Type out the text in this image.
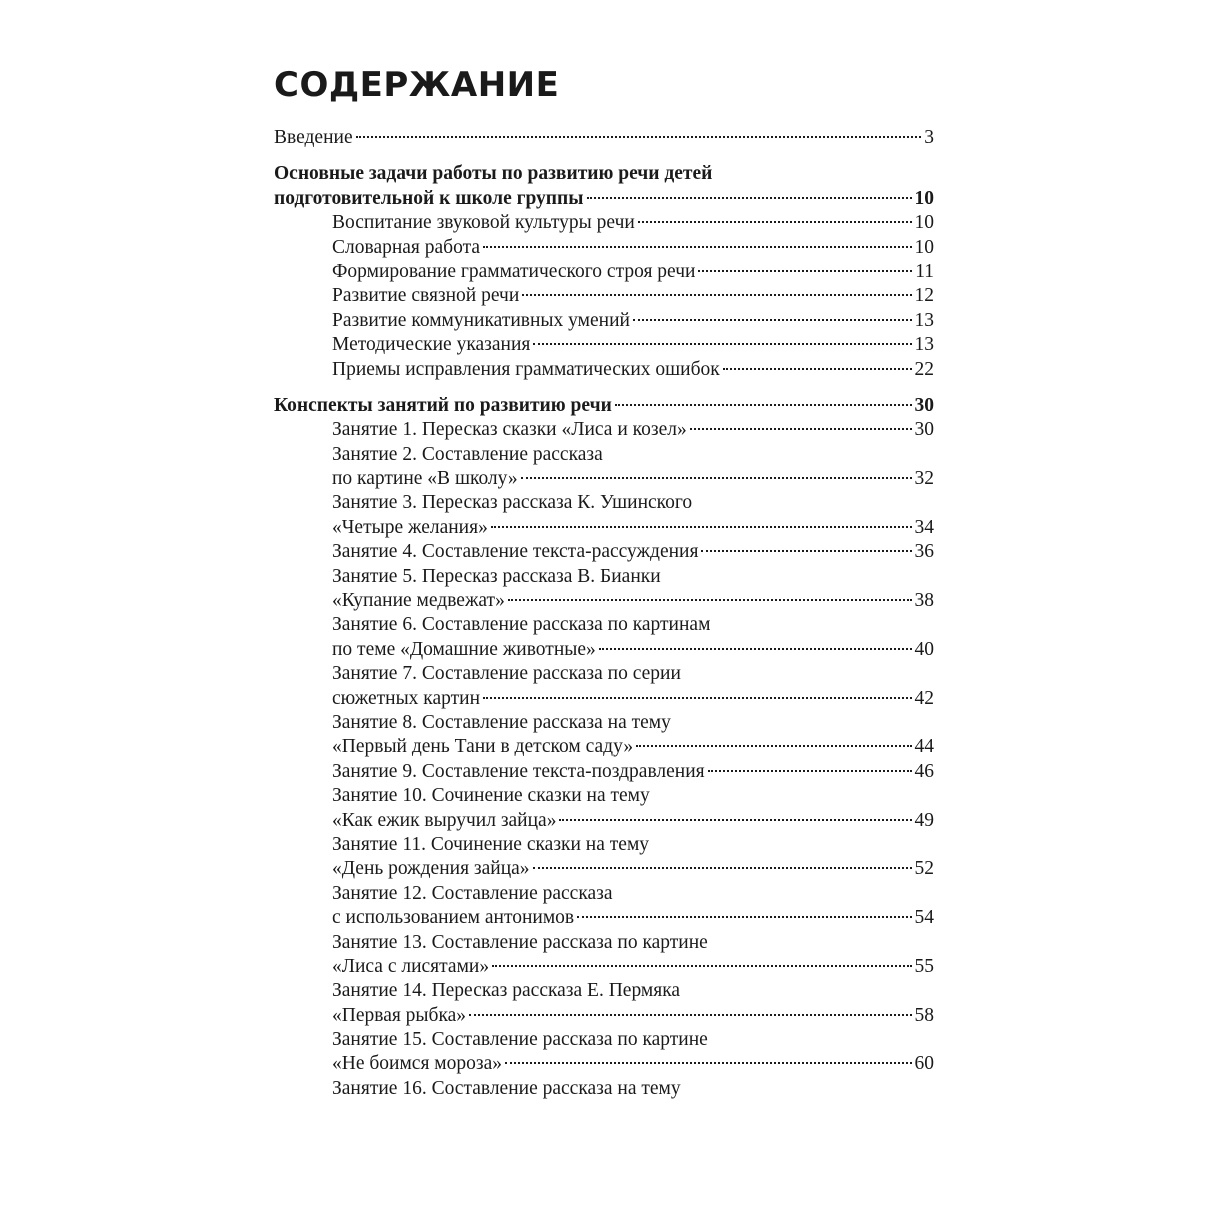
СОДЕРЖАНИЕ
Введение	3
Основные задачи работы по развитию речи детей
подготовительной к школе группы	10
Воспитание звуковой культуры речи	10
Словарная работа	10
Формирование грамматического строя речи	11
Развитие связной речи	12
Развитие коммуникативных умений	13
Методические указания	13
Приемы исправления грамматических ошибок	22
Конспекты занятий по развитию речи	30
Занятие 1. Пересказ сказки «Лиса и козел»	30
Занятие 2. Составление рассказа
по картине «В школу»	32
Занятие 3. Пересказ рассказа К. Ушинского
«Четыре желания»	34
Занятие 4. Составление текста-рассуждения	36
Занятие 5. Пересказ рассказа В. Бианки
«Купание медвежат»	38
Занятие 6. Составление рассказа по картинам
по теме «Домашние животные»	40
Занятие 7. Составление рассказа по серии
сюжетных картин	42
Занятие 8. Составление рассказа на тему
«Первый день Тани в детском саду»	44
Занятие 9. Составление текста-поздравления	46
Занятие 10. Сочинение сказки на тему
«Как ежик выручил зайца»	49
Занятие 11. Сочинение сказки на тему
«День рождения зайца»	52
Занятие 12. Составление рассказа
с использованием антонимов	54
Занятие 13. Составление рассказа по картине
«Лиса с лисятами»	55
Занятие 14. Пересказ рассказа Е. Пермяка
«Первая рыбка»	58
Занятие 15. Составление рассказа по картине
«Не боимся мороза»	60
Занятие 16. Составление рассказа на тему
